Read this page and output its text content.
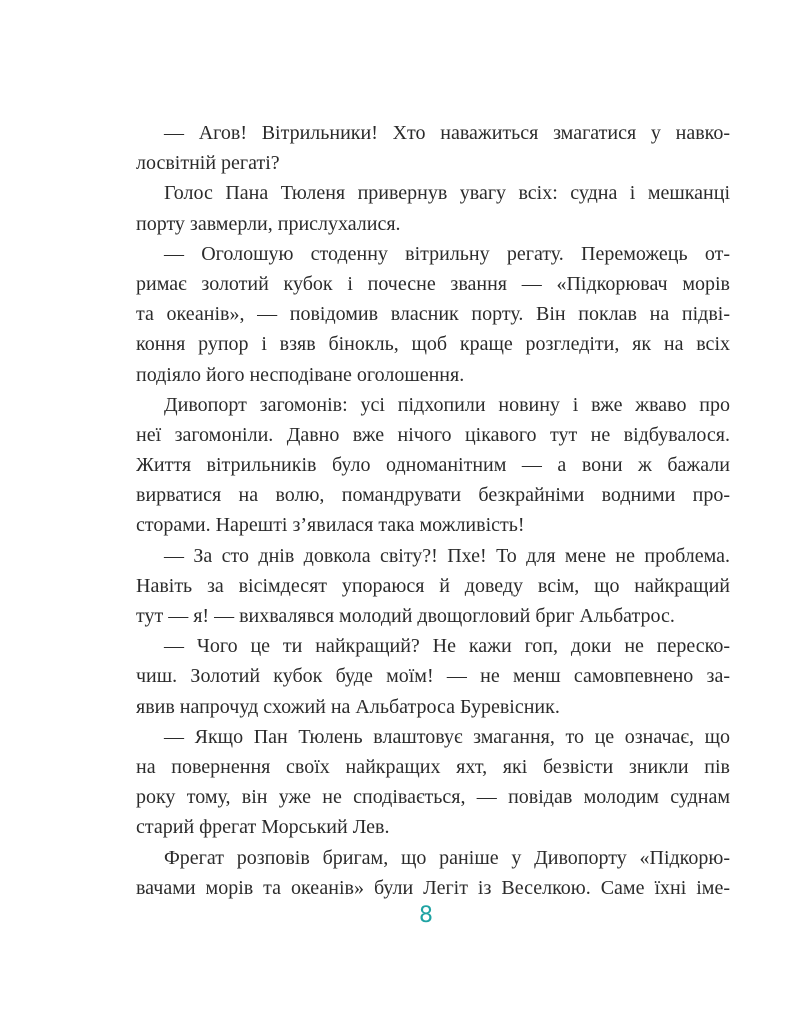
— Агов! Вітрильники! Хто наважиться змагатися у навко-
лосвітній регаті?
Голос Пана Тюленя привернув увагу всіх: судна і мешканці
порту завмерли, прислухалися.
— Оголошую стоденну вітрильну регату. Переможець от-
римає золотий кубок і почесне звання — «Підкорювач морів
та океанів», — повідомив власник порту. Він поклав на підві-
коння рупор і взяв бінокль, щоб краще розгледіти, як на всіх
подіяло його несподіване оголошення.
Дивопорт загомонів: усі підхопили новину і вже жваво про
неї загомоніли. Давно вже нічого цікавого тут не відбувалося.
Життя вітрильників було одноманітним — а вони ж бажали
вирватися на волю, помандрувати безкрайніми водними про-
сторами. Нарешті з’явилася така можливість!
— За сто днів довкола світу?! Пхе! То для мене не проблема.
Навіть за вісімдесят упораюся й доведу всім, що найкращий
тут — я! — вихвалявся молодий двощогловий бриг Альбатрос.
— Чого це ти найкращий? Не кажи гоп, доки не переско-
чиш. Золотий кубок буде моїм! — не менш самовпевнено за-
явив напрочуд схожий на Альбатроса Буревісник.
— Якщо Пан Тюлень влаштовує змагання, то це означає, що
на повернення своїх найкращих яхт, які безвісти зникли пів
року тому, він уже не сподівається, — повідав молодим суднам
старий фрегат Морський Лев.
Фрегат розповів бригам, що раніше у Дивопорту «Підкорю-
вачами морів та океанів» були Легіт із Веселкою. Саме їхні іме-
8
